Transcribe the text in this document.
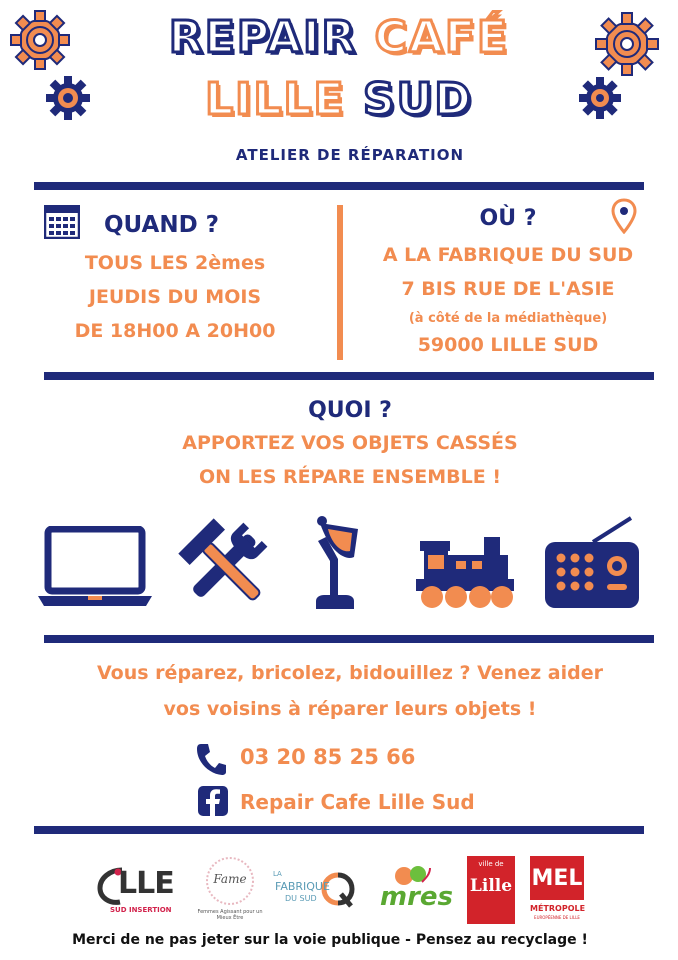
REPAIR CAFÉ
LILLE SUD
ATELIER DE RÉPARATION
QUAND ?
TOUS LES 2èmes
JEUDIS DU MOIS
DE 18H00 A 20H00
OÙ ?
A LA FABRIQUE DU SUD
7 BIS RUE DE L'ASIE
(à côté de la médiathèque)
59000 LILLE SUD
QUOI ?
APPORTEZ VOS OBJETS CASSÉS
ON LES RÉPARE ENSEMBLE !
Vous réparez, bricolez, bidouillez ? Venez aider
vos voisins à réparer leurs objets !
03 20 85 25 66
Repair Cafe Lille Sud
LLE
SUD INSERTION
Fame
Femmes Agissant pour un Mieux Être
LA
FABRIQUE
DU SUD mres
ville de
Lille MEL
MÉTROPOLE
EUROPÉENNE DE LILLE
Merci de ne pas jeter sur la voie publique - Pensez au recyclage !
